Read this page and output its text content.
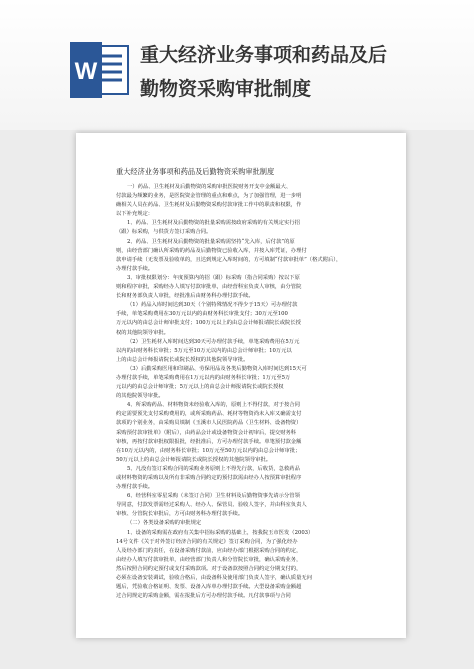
W
重大经济业务事项和药品及后
勤物资采购审批制度
重大经济业务事项和药品及后勤物资采购审批制度

一）药品、卫生耗材及后勤物资的采购审批医院财务开支中金额最大、

付款最为频繁的业务，是医院资金管理的重点和难点，为了加强管理，进一步明

确相关人员在药品、卫生耗材及后勤物资采购付款审批工作中的职责和权限，作

以下补充规定：

1、药品、卫生耗材及后勤物资的批量采购需按政府采购的有关规定实行招

（跟）标采购，与供货方签订采购合同。

2、药品、卫生耗材及后勤物资的批量采购需坚持“先入库，后付款”的原

则，由经营部门确认所采购的药品及后勤物资已验收入库，并按入库凭证，办理付

款申请手续（无发票及验收单的，且达到规定入库时间的，方可填制“付款审批单”（格式附后），

办理付款手续。

3、审批权限划分：年度预算内的招（跟）标采购（指合同采购）按以下原

则和程序审批，采购经办人填写付款审批单，由经营科室负责人审核，由分管院

长和财务部负责人审批，经批准后由财务科办理付款手续。

（1）药品入库时间达到30天（个别特殊情况不得少于15天）可办理付款

手续，单笔采购费用在30万元以内的由财务科长审批支付；30万元至100

万元以内的由总会计师审批支付；100万元以上的由总会计师报请院长或院长授

权的其他院领导审批。

（2）卫生耗材入库时间达到30天可办理付款手续，单笔采购费用在5万元

以内的由财务科长审批；5万元至10万元以内的由总会计师审批；10万元以

上的由总会计师报请院长或院长授权的其他院领导审批。

（3）后勤采购医用和印刷品、劳保用品及各类后勤物资入库时间达到15天可

办理付款手续，单笔采购费用在1万元以内的由财务科长审批；1万元至5万

元以内的由总会计师审批；5万元以上的由总会计师报请院长或院长授权

的其他院领导审批。

4、所采购药品、材料物资未经验收入库的，原则上不得付款，对于按合同

约定需要预先支付采购费用的，或所采购药品、耗材等物资尚未入库又确需支付

款项的个别业务，由采购员填制《玉溪市人民医院药品（卫生材料、设备物资）

采购预付款审批单》（附后），由药品会计或设备物资会计初审后，提交财务科

审核，再按付款审批权限报批，经批准后，方可办理付款手续。单笔预付款金额

在10万元以内的，由财务科长审批；10万元至50万元以内的由总会计师审批；

50万元以上的由总会计师报请院长或院长授权的其他院领导审批。

5、凡没有签订采购合同的采购业务原则上不得先行款，后收货，急救药品

或材料物资的采购以及所有非采购合同约定的预付款需由经办人按预算审批程序

办理付款手续。

6、经营科室零星采购（未签订合同）卫生材料及后勤物资事先请示分管领

导同意，付款发票需经过采购人、经办人、保管员、验收人签字，并由科室负责人

审核、分管院长审批后，方可由财务科办理付款手续。

（二）各类设备采购的审批规定

1、设备的采购需在政府有关集中招标采购的基础上，按我院玉市医发（2003）

14号文件《关于对外签订经济合同的有关规定》签订采购合同，为了强化经办

人及经办部门的责任，在设备采购付款前，应由经办部门根据采购合同的约定，

由经办人填写付款审批单，由经营部门负责人和分管院长审批，确认采购业务，

然后按照合同约定预付或支付采购款项。对于设备款按照合同约定分期支付的，

必须在设备安装调试，验收合格后，由设备科及使用部门负责人签字，确认质量无问

题后，凭验收合格证明、发票、设备入库单办理付款手续。大型设备采购金额超

过合同规定的采购金额，需在报批后方可办理付款手续。凡付款事项与合同
